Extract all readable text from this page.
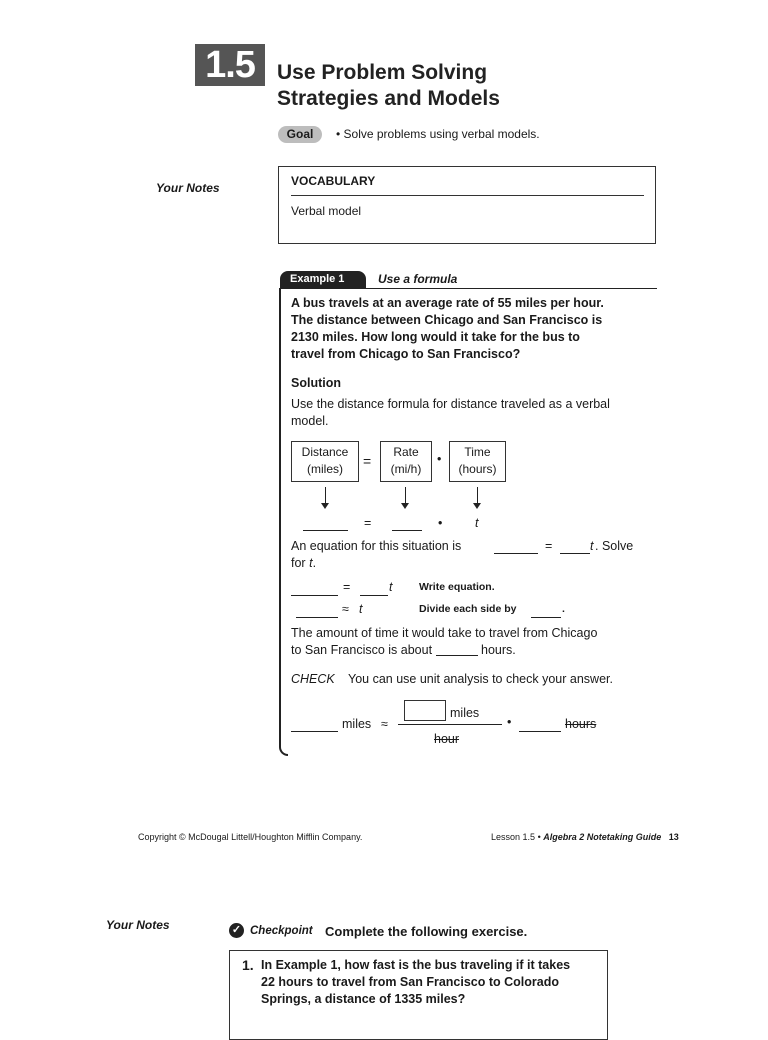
1.5	Use Problem Solving
Strategies and Models
Goal	• Solve problems using verbal models.
Your Notes	VOCABULARY
Verbal model
Example 1	Use a formula
A bus travels at an average rate of 55 miles per hour.
The distance between Chicago and San Francisco is
2130 miles. How long would it take for the bus to
travel from Chicago to San Francisco?
Solution
Use the distance formula for distance traveled as a verbal
model.
Distance
(miles)	=
Rate
(mi/h)
•	Time
(hours)
=	•	t
An equation for this situation is	=	t . Solve
for t.
=	t	Write equation.
≈ t	Divide each side by	.
The amount of time it would take to travel from Chicago
to San Francisco is about	hours.
CHECK You can use unit analysis to check your answer.
miles ≈
miles
hour
•	hours
Copyright © McDougal Littell/Houghton Mifflin Company.	Lesson 1.5 • Algebra 2 Notetaking Guide 13
Your Notes	✓ Checkpoint Complete the following exercise.
1. In Example 1, how fast is the bus traveling if it takes
22 hours to travel from San Francisco to Colorado
Springs, a distance of 1335 miles?
